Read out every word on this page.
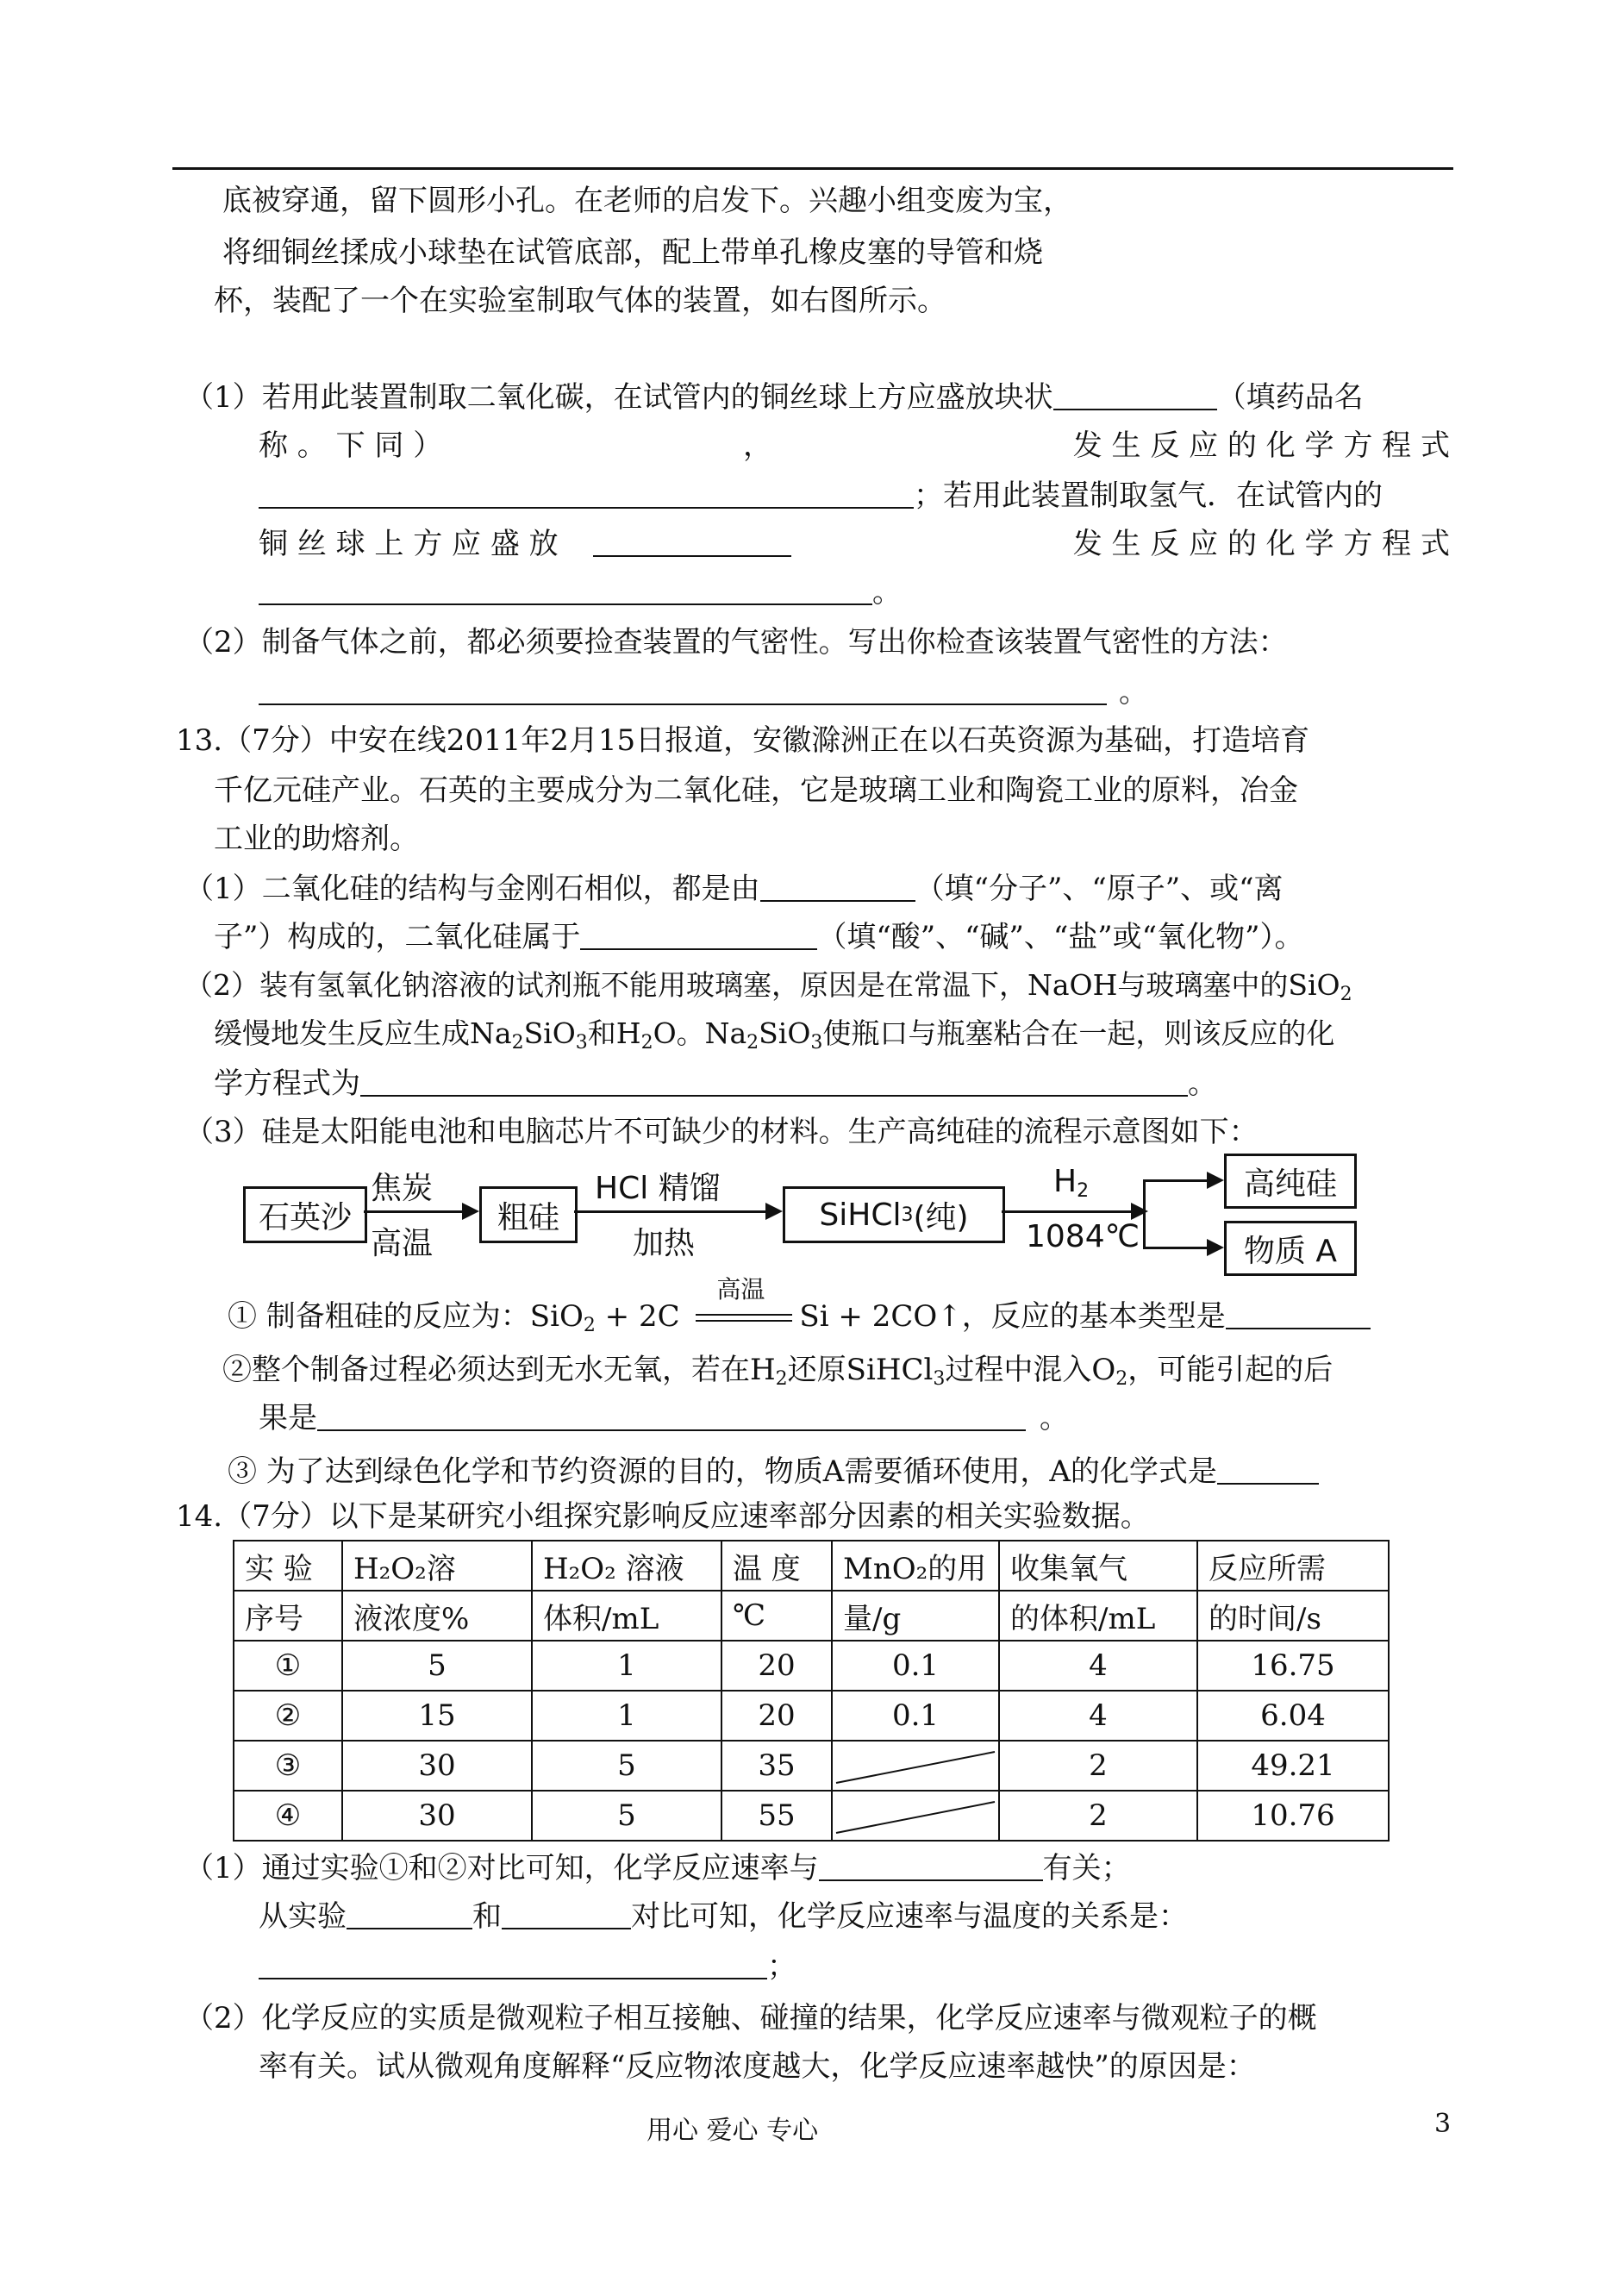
底被穿通，留下圆形小孔。在老师的启发下。兴趣小组变废为宝，
将细铜丝揉成小球垫在试管底部，配上带单孔橡皮塞的导管和烧
杯，装配了一个在实验室制取气体的装置，如右图所示。
（1）若用此装置制取二氧化碳，在试管内的铜丝球上方应盛放块状	（填药品名
称 。 下 同 ）	，	发 生 反 应 的 化 学 方 程 式
；若用此装置制取氢气．在试管内的
铜 丝 球 上 方 应 盛 放	发 生 反 应 的 化 学 方 程 式
。
（2）制备气体之前，都必须要捡查装置的气密性。写出你检查该装置气密性的方法：
。
13.（7分）中安在线2011年2月15日报道，安徽滁洲正在以石英资源为基础，打造培育
千亿元硅产业。石英的主要成分为二氧化硅，它是玻璃工业和陶瓷工业的原料，冶金
工业的助熔剂。
（1）二氧化硅的结构与金刚石相似，都是由	（填“分子”、“原子”、或“离
子”）构成的，二氧化硅属于	（填“酸”、“碱”、“盐”或“氧化物”）。
（2）装有氢氧化钠溶液的试剂瓶不能用玻璃塞，原因是在常温下，NaOH与玻璃塞中的SiO$_2$
缓慢地发生反应生成$Na_2SiO_3$和$H_2O$。$Na_2SiO_3$使瓶口与瓶塞粘合在一起，则该反应的化
学方程式为	。
（3）硅是太阳能电池和电脑芯片不可缺少的材料。生产高纯硅的流程示意图如下：
石英沙
焦炭
高温
粗硅
HCl 精馏
加热
SiHCl 3 (纯)
$H_2$
1084℃
高纯硅
物质 A
① 制备粗硅的反应为：SiO$_2$ + 2C
高温
Si + 2CO↑，反应的基本类型是
②整个制备过程必须达到无水无氧，若在$H_2$还原SiHCl$_3$过程中混入$O_2$，可能引起的后
果是	。
③ 为了达到绿色化学和节约资源的目的，物质A需要循环使用，A的化学式是
14.（7分）以下是某研究小组探究影响反应速率部分因素的相关实验数据。
实 验	H₂O₂溶	H₂O₂ 溶液	温 度	MnO₂的用	收集氧气	反应所需

序号	液浓度%	体积/mL	℃	量/g	的体积/mL	的时间/s
①	5	1	20	0.1	4	16.75
②	15	1	20	0.1	4	6.04
③	30	5	35		2	49.21
④	30	5	55		2	10.76
（1）通过实验①和②对比可知，化学反应速率与	有关；
从实验	和	对比可知，化学反应速率与温度的关系是：
；
（2）化学反应的实质是微观粒子相互接触、碰撞的结果，化学反应速率与微观粒子的概
率有关。试从微观角度解释“反应物浓度越大，化学反应速率越快”的原因是：
用心 爱心 专心	3
